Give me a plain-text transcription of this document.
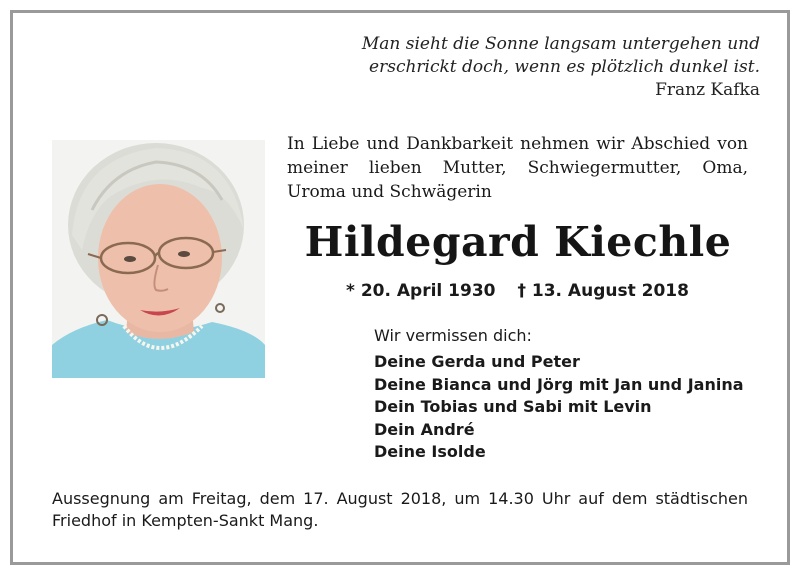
Man sieht die Sonne langsam untergehen und
erschrickt doch, wenn es plötzlich dunkel ist.
Franz Kafka
In Liebe und Dankbarkeit nehmen wir Abschied von meiner lieben Mutter, Schwiegermutter, Oma, Uroma und Schwägerin
Hildegard Kiechle
* 20. April 1930 † 13. August 2018
Wir vermissen dich:
Deine Gerda und Peter
Deine Bianca und Jörg mit Jan und Janina
Dein Tobias und Sabi mit Levin
Dein André
Deine Isolde
Aussegnung am Freitag, dem 17. August 2018, um 14.30 Uhr auf dem städtischen Friedhof in Kempten-Sankt Mang.
